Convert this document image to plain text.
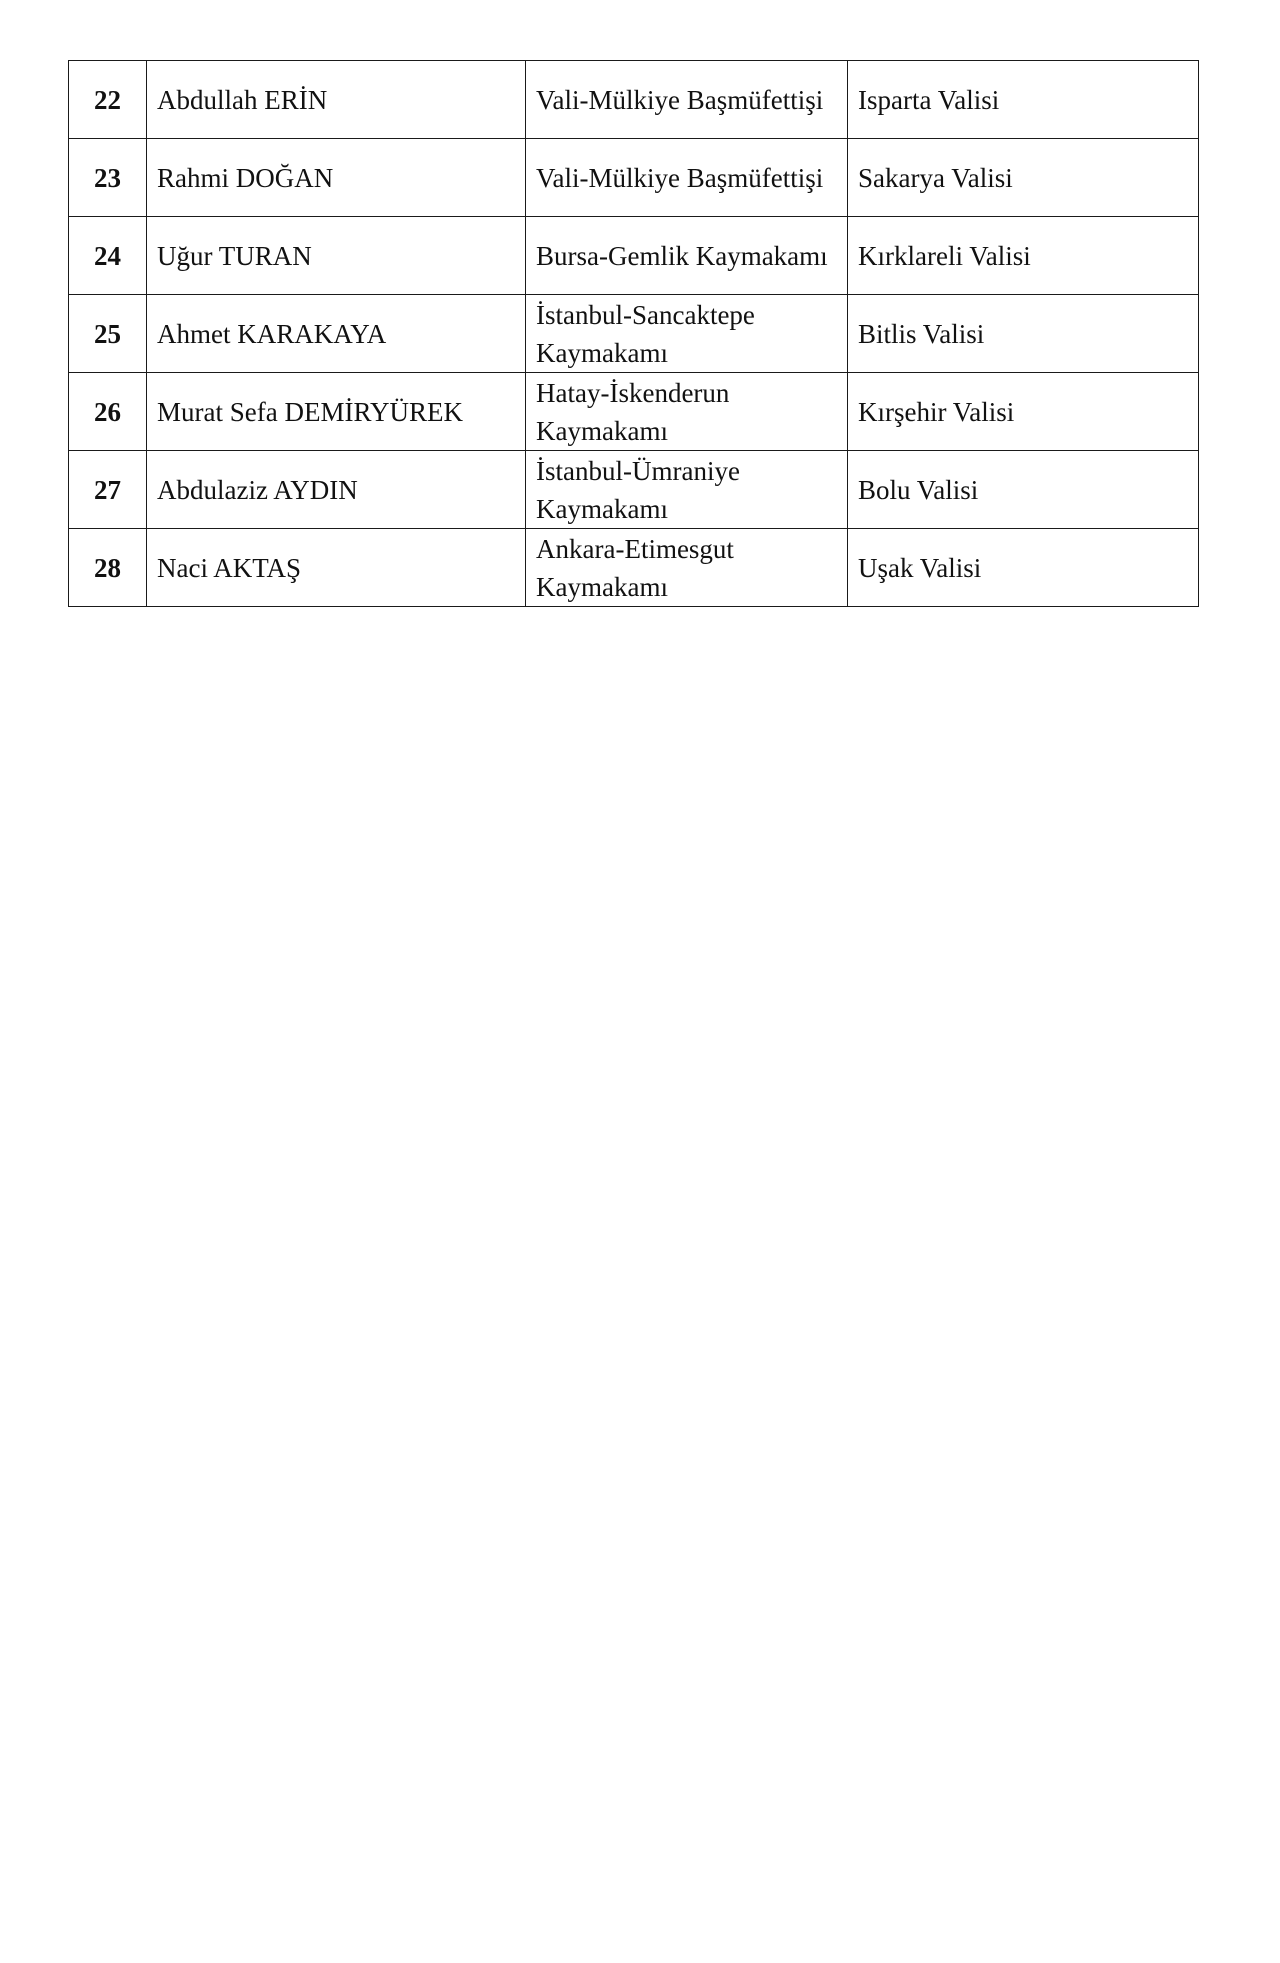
22	Abdullah ERİN	Vali-Mülkiye Başmüfettişi	Isparta Valisi
23	Rahmi DOĞAN	Vali-Mülkiye Başmüfettişi	Sakarya Valisi
24	Uğur TURAN	Bursa-Gemlik Kaymakamı	Kırklareli Valisi
25	Ahmet KARAKAYA	İstanbul-Sancaktepe Kaymakamı	Bitlis Valisi
26	Murat Sefa DEMİRYÜREK	Hatay-İskenderun Kaymakamı	Kırşehir Valisi
27	Abdulaziz AYDIN	İstanbul-Ümraniye Kaymakamı	Bolu Valisi
28	Naci AKTAŞ	Ankara-Etimesgut Kaymakamı	Uşak Valisi
